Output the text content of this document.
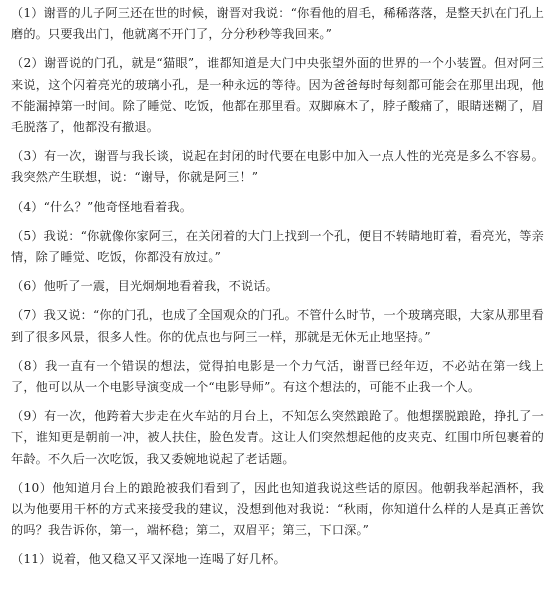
（1）谢晋的儿子阿三还在世的时候，谢晋对我说：“你看他的眉毛，稀稀落落，是整天扒在门孔上磨的。只要我出门，他就离不开门了，分分秒秒等我回来。”

（2）谢晋说的门孔，就是“猫眼”，谁都知道是大门中央张望外面的世界的一个小装置。但对阿三来说，这个闪着亮光的玻璃小孔，是一种永远的等待。因为爸爸每时每刻都可能会在那里出现，他不能漏掉第一时间。除了睡觉、吃饭，他都在那里看。双脚麻木了，脖子酸痛了，眼睛迷糊了，眉毛脱落了，他都没有撤退。

（3）有一次，谢晋与我长谈，说起在封闭的时代要在电影中加入一点人性的光亮是多么不容易。我突然产生联想，说：“谢导，你就是阿三！”

（4）“什么？”他奇怪地看着我。

（5）我说：“你就像你家阿三，在关闭着的大门上找到一个孔，便目不转睛地盯着，看亮光，等亲情，除了睡觉、吃饭，你都没有放过。”

（6）他听了一震，目光炯炯地看着我，不说话。

（7）我又说：“你的门孔，也成了全国观众的门孔。不管什么时节，一个玻璃亮眼，大家从那里看到了很多风景，很多人性。你的优点也与阿三一样，那就是无休无止地坚持。”

（8）我一直有一个错误的想法，觉得拍电影是一个力气活，谢晋已经年迈，不必站在第一线上了，他可以从一个电影导演变成一个“电影导师”。有这个想法的，可能不止我一个人。

（9）有一次，他跨着大步走在火车站的月台上，不知怎么突然踉跄了。他想摆脱踉跄，挣扎了一下，谁知更是朝前一冲，被人扶住，脸色发青。这让人们突然想起他的皮夹克、红围巾所包裹着的年龄。不久后一次吃饭，我又委婉地说起了老话题。

（10）他知道月台上的踉跄被我们看到了，因此也知道我说这些话的原因。他朝我举起酒杯，我以为他要用干杯的方式来接受我的建议，没想到他对我说：“秋雨，你知道什么样的人是真正善饮的吗？我告诉你，第一，端杯稳；第二，双眉平；第三，下口深。”

（11）说着，他又稳又平又深地一连喝了好几杯。
